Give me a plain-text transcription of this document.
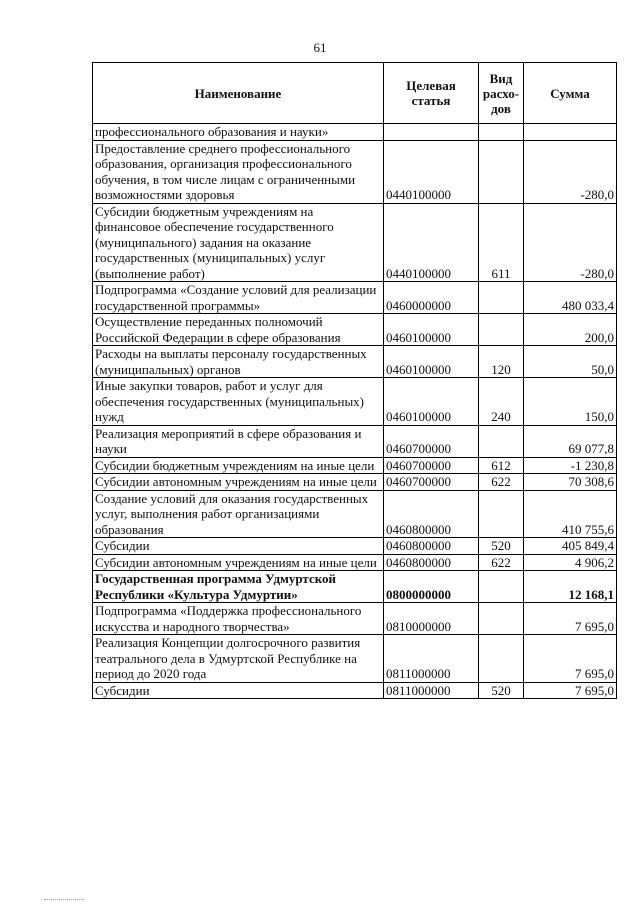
61
Наименование	Целевая статья	Вид расхо-дов	Сумма
профессионального образования и науки»			
Предоставление среднего профессионального образования, организация профессионального обучения, в том числе лицам с ограниченными возможностями здоровья	0440100000		-280,0
Субсидии бюджетным учреждениям на финансовое обеспечение государственного (муниципального) задания на оказание государственных (муниципальных) услуг (выполнение работ)	0440100000	611	-280,0
Подпрограмма «Создание условий для реализации государственной программы»	0460000000		480 033,4
Осуществление переданных полномочий Российской Федерации в сфере образования	0460100000		200,0
Расходы на выплаты персоналу государственных (муниципальных) органов	0460100000	120	50,0
Иные закупки товаров, работ и услуг для обеспечения государственных (муниципальных) нужд	0460100000	240	150,0
Реализация мероприятий в сфере образования и науки	0460700000		69 077,8
Субсидии бюджетным учреждениям на иные цели	0460700000	612	-1 230,8
Субсидии автономным учреждениям на иные цели	0460700000	622	70 308,6
Создание условий для оказания государственных услуг, выполнения работ организациями образования	0460800000		410 755,6
Субсидии	0460800000	520	405 849,4
Субсидии автономным учреждениям на иные цели	0460800000	622	4 906,2
Государственная программа Удмуртской Республики «Культура Удмуртии»	0800000000		12 168,1
Подпрограмма «Поддержка профессионального искусства и народного творчества»	0810000000		7 695,0
Реализация Концепции долгосрочного развития театрального дела в Удмуртской Республике на период до 2020 года	0811000000		7 695,0
Субсидии	0811000000	520	7 695,0
